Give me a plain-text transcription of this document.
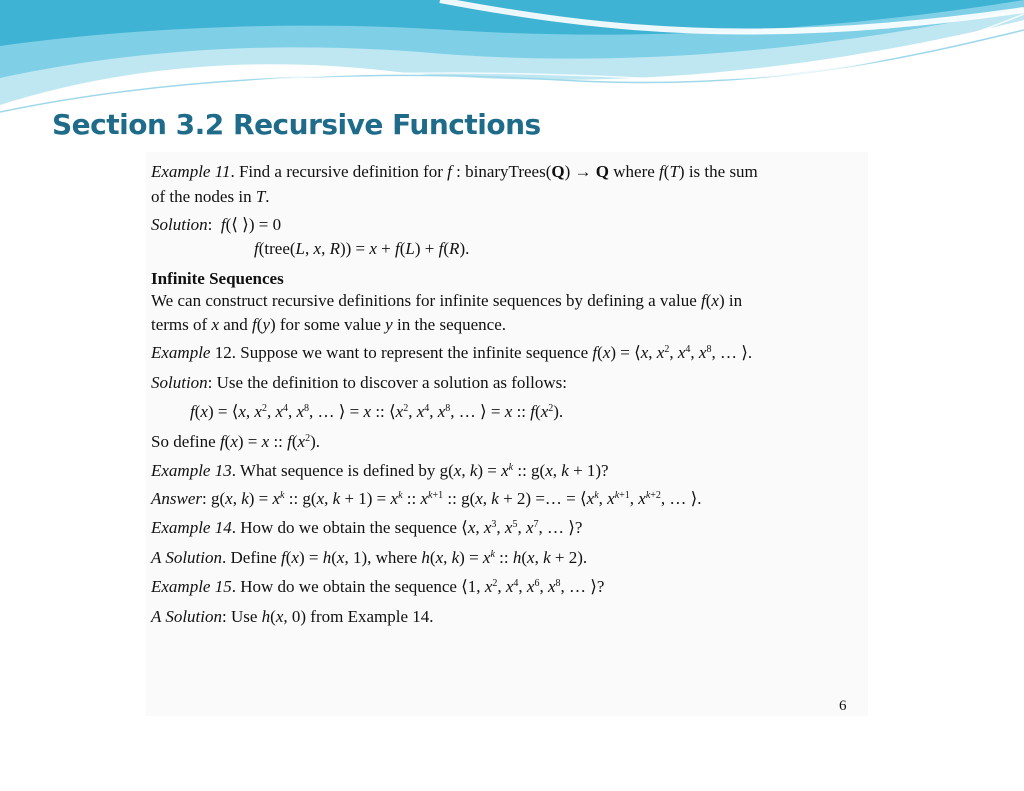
Section 3.2 Recursive Functions
Example 11. Find a recursive definition for f : binaryTrees(Q) → Q where f(T) is the sum
of the nodes in T.
Solution:  f(⟨ ⟩) = 0
f(tree(L, x, R)) = x + f(L) + f(R).
Infinite Sequences
We can construct recursive definitions for infinite sequences by defining a value f(x) in
terms of x and f(y) for some value y in the sequence.
Example 12. Suppose we want to represent the infinite sequence f(x) = ⟨x, $x^2$, $x^4$, $x^8$, … ⟩.
Solution: Use the definition to discover a solution as follows:
f(x) = ⟨x, $x^2$, $x^4$, $x^8$, … ⟩ = x :: $⟨x^2$, $x^4$, $x^8$, … ⟩ = x :: $f(x^2)$.
So define f(x) = x :: $f(x^2)$.
Example 13. What sequence is defined by g(x, $k) = x^k$ :: g(x, k + 1)?
Answer: g(x, $k) = x^k$ :: g(x, $k + 1) = x^k$ :: $x^{k+1}$ :: g(x, k + 2) =… = $⟨x^k$, $x^{k+1}$, $x^{k+2}$, … ⟩.
Example 14. How do we obtain the sequence ⟨x, $x^3$, $x^5$, $x^7$, … ⟩?
A Solution. Define f(x) = h(x, 1), where h(x, $k) = x^k$ :: h(x, k + 2).
Example 15. How do we obtain the sequence ⟨1, $x^2$, $x^4$, $x^6$, $x^8$, … ⟩?
A Solution: Use h(x, 0) from Example 14.
6
